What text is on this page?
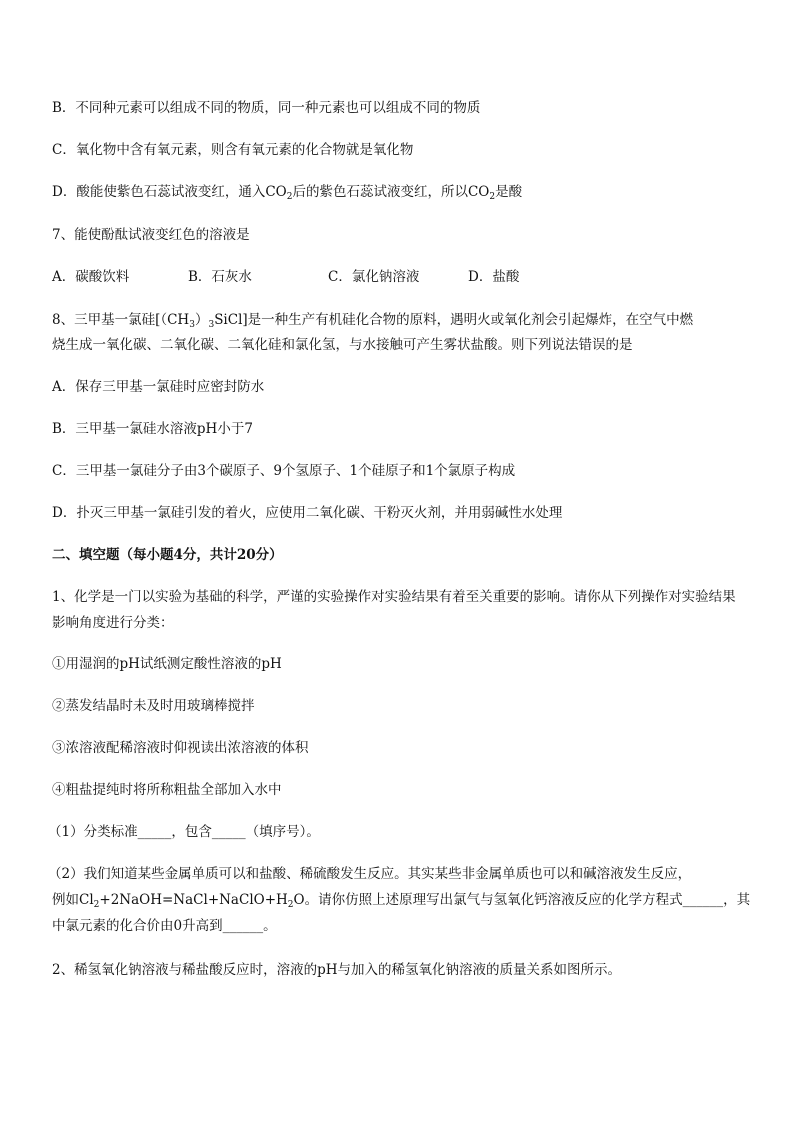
B．不同种元素可以组成不同的物质，同一种元素也可以组成不同的物质
C．氧化物中含有氧元素，则含有氧元素的化合物就是氧化物
D．酸能使紫色石蕊试液变红，通入$CO_2$后的紫色石蕊试液变红，所以$CO_2$是酸
7、能使酚酞试液变红色的溶液是
A．碳酸饮料	B．石灰水	C．氯化钠溶液	D．盐酸
8、三甲基一氯硅$[(CH_3)_3SiCl]$是一种生产有机硅化合物的原料，遇明火或氧化剂会引起爆炸，在空气中燃
烧生成一氧化碳、二氧化碳、二氧化硅和氯化氢，与水接触可产生雾状盐酸。则下列说法错误的是
A．保存三甲基一氯硅时应密封防水
B．三甲基一氯硅水溶液pH小于7
C．三甲基一氯硅分子由3个碳原子、9个氢原子、1个硅原子和1个氯原子构成
D．扑灭三甲基一氯硅引发的着火，应使用二氧化碳、干粉灭火剂，并用弱碱性水处理
二、填空题（每小题4分，共计20分）
1、化学是一门以实验为基础的科学，严谨的实验操作对实验结果有着至关重要的影响。请你从下列操作对实验结果影响角度进行分类：
①用湿润的pH试纸测定酸性溶液的pH
②蒸发结晶时未及时用玻璃棒搅拌
③浓溶液配稀溶液时仰视读出浓溶液的体积
④粗盐提纯时将所称粗盐全部加入水中
（1）分类标准_____，包含_____（填序号）。
（2）我们知道某些金属单质可以和盐酸、稀硫酸发生反应。其实某些非金属单质也可以和碱溶液发生反应，
例如$Cl_2+2NaOH=NaCl+NaClO+H_2O$。请你仿照上述原理写出氯气与氢氧化钙溶液反应的化学方程式______，其
中氯元素的化合价由0升高到______。
2、稀氢氧化钠溶液与稀盐酸反应时，溶液的pH与加入的稀氢氧化钠溶液的质量关系如图所示。
